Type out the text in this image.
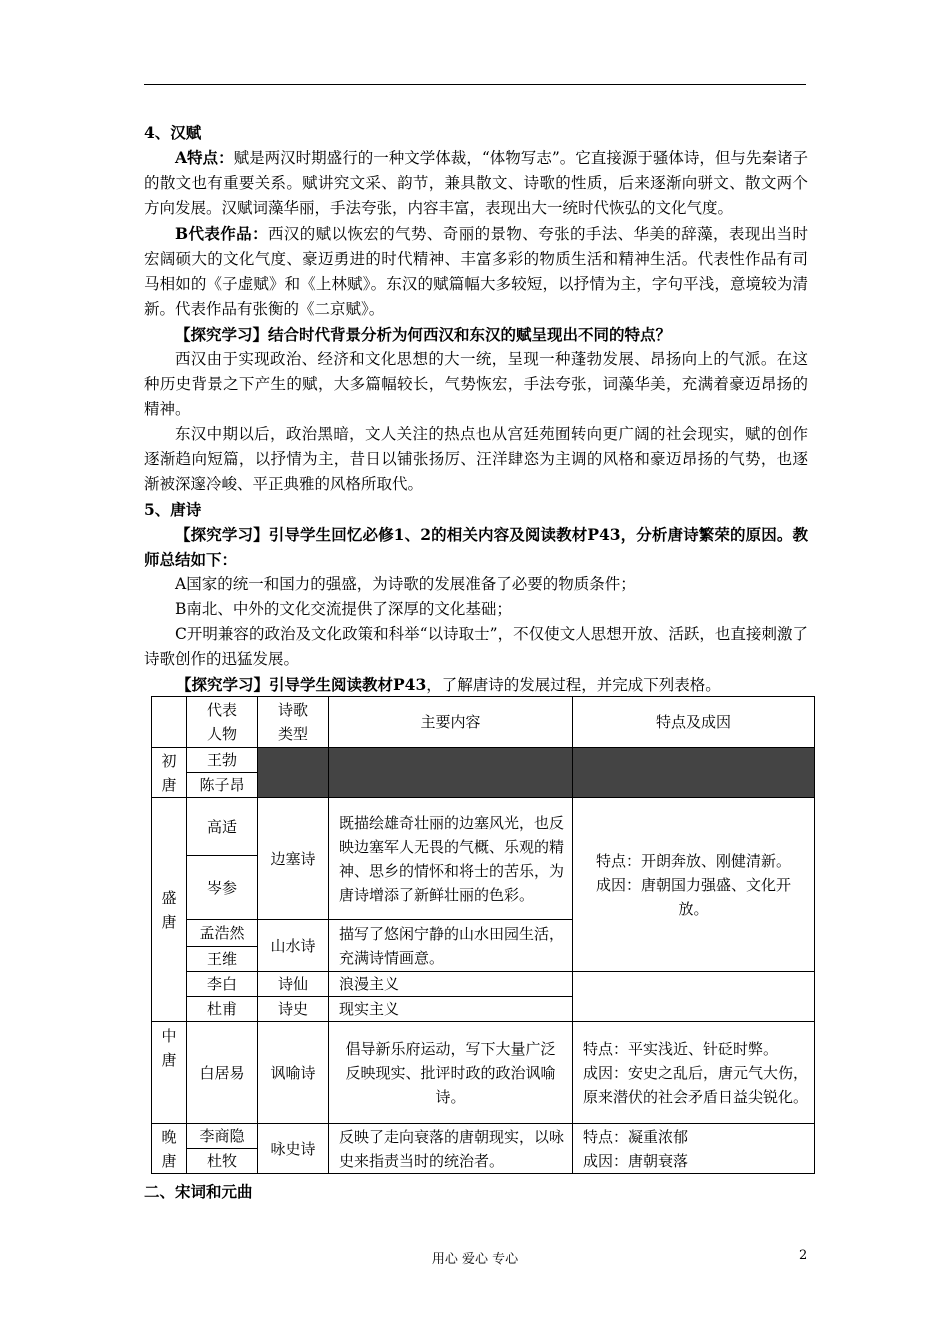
4、汉赋

A特点：赋是两汉时期盛行的一种文学体裁，“体物写志”。它直接源于骚体诗，但与先秦诸子的散文也有重要关系。赋讲究文采、韵节，兼具散文、诗歌的性质，后来逐渐向骈文、散文两个方向发展。汉赋词藻华丽，手法夸张，内容丰富，表现出大一统时代恢弘的文化气度。

B代表作品：西汉的赋以恢宏的气势、奇丽的景物、夸张的手法、华美的辞藻，表现出当时宏阔硕大的文化气度、豪迈勇进的时代精神、丰富多彩的物质生活和精神生活。代表性作品有司马相如的《子虚赋》和《上林赋》。东汉的赋篇幅大多较短，以抒情为主，字句平浅，意境较为清新。代表作品有张衡的《二京赋》。

【探究学习】结合时代背景分析为何西汉和东汉的赋呈现出不同的特点？

西汉由于实现政治、经济和文化思想的大一统，呈现一种蓬勃发展、昂扬向上的气派。在这种历史背景之下产生的赋，大多篇幅较长，气势恢宏，手法夸张，词藻华美，充满着豪迈昂扬的精神。

东汉中期以后，政治黑暗，文人关注的热点也从宫廷苑囿转向更广阔的社会现实，赋的创作逐渐趋向短篇，以抒情为主，昔日以铺张扬厉、汪洋肆恣为主调的风格和豪迈昂扬的气势，也逐渐被深邃冷峻、平正典雅的风格所取代。

5、唐诗

【探究学习】引导学生回忆必修1、2的相关内容及阅读教材P43，分析唐诗繁荣的原因。教师总结如下：

A国家的统一和国力的强盛，为诗歌的发展准备了必要的物质条件；

B南北、中外的文化交流提供了深厚的文化基础；

C开明兼容的政治及文化政策和科举“以诗取士”，不仅使文人思想开放、活跃，也直接刺激了诗歌创作的迅猛发展。

【探究学习】引导学生阅读教材P43，了解唐诗的发展过程，并完成下列表格。

	代表人物	诗歌类型	主要内容	特点及成因

初唐	王勃			
	陈子昂			

盛唐	高适	边塞诗	既描绘雄奇壮丽的边塞风光，也反映边塞军人无畏的气概、乐观的精神、思乡的情怀和将士的苦乐，为唐诗增添了新鲜壮丽的色彩。	特点：开朗奔放、刚健清新。
成因：唐朝国力强盛、文化开放。

	岑参			
	孟浩然	山水诗	描写了悠闲宁静的山水田园生活，充满诗情画意。	
	王维			
	李白	诗仙	浪漫主义	
	杜甫	诗史	现实主义	

中唐	白居易	讽喻诗	倡导新乐府运动，写下大量广泛反映现实、批评时政的政治讽喻诗。	特点：平实浅近、针砭时弊。
成因：安史之乱后，唐元气大伤，原来潜伏的社会矛盾日益尖锐化。

晚唐	李商隐	咏史诗	反映了走向衰落的唐朝现实，以咏史来指责当时的统治者。	特点：凝重浓郁
成因：唐朝衰落

	杜牧			
二、宋词和元曲
用心 爱心 专心	2
